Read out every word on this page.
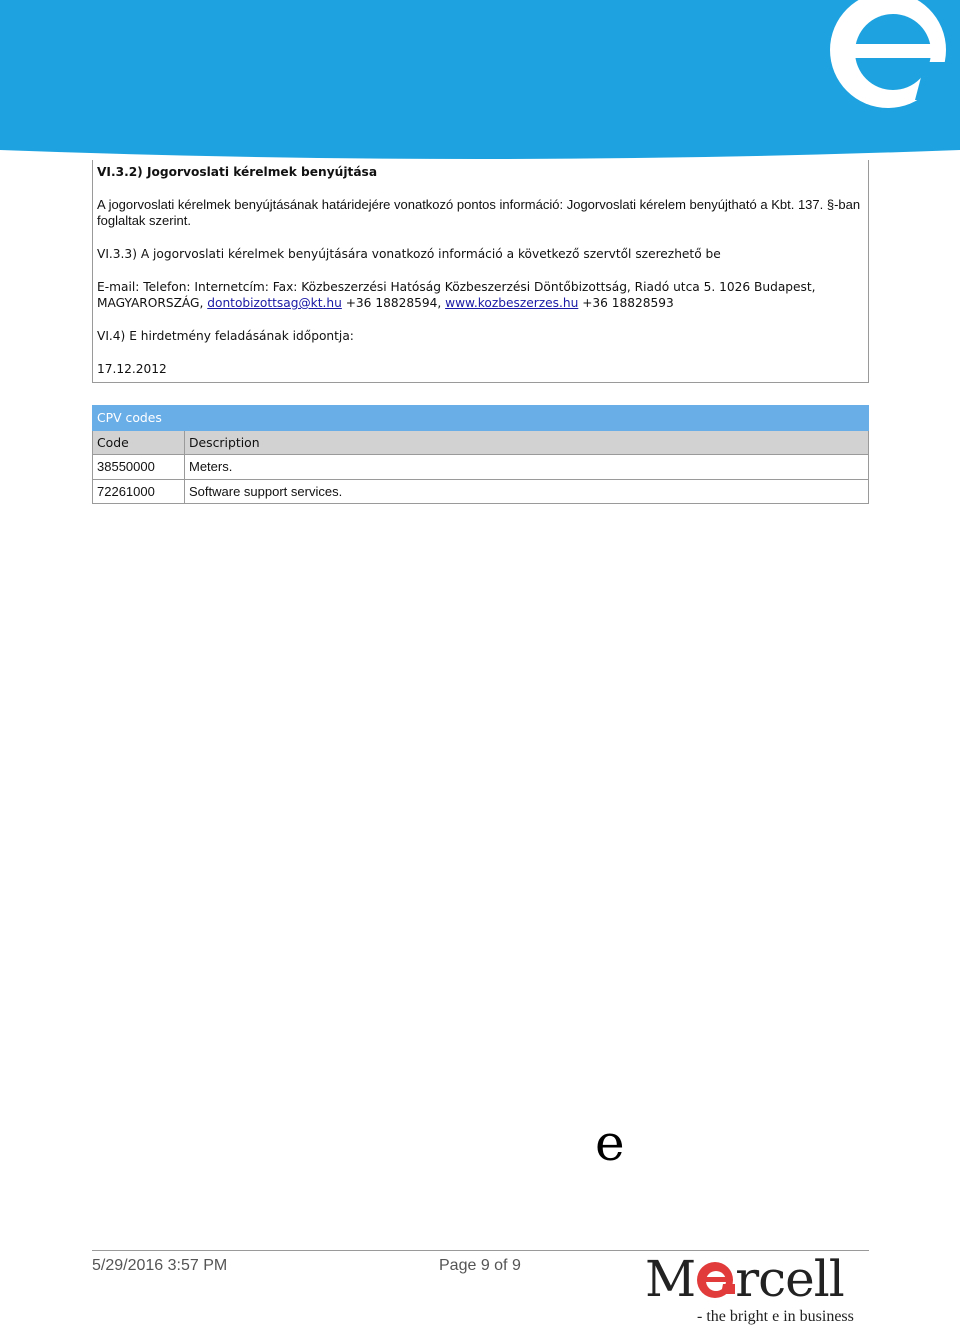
VI.3.2) Jogorvoslati kérelmek benyújtása
A jogorvoslati kérelmek benyújtásának határidejére vonatkozó pontos információ: Jogorvoslati kérelem benyújtható a Kbt. 137. §-ban foglaltak szerint.
VI.3.3) A jogorvoslati kérelmek benyújtására vonatkozó információ a következő szervtől szerezhető be
E-mail: Telefon: Internetcím: Fax: Közbeszerzési Hatóság Közbeszerzési Döntőbizottság, Riadó utca 5. 1026 Budapest,
MAGYARORSZÁG, dontobizottsag@kt.hu +36 18828594, www.kozbeszerzes.hu +36 18828593
VI.4) E hirdetmény feladásának időpontja:
17.12.2012
CPV codes	
Code	Description
38550000	Meters.
72261000	Software support services.
5/29/2016 3:57 PM	Page 9 of 9 M
e
rcell
- the bright e in business
